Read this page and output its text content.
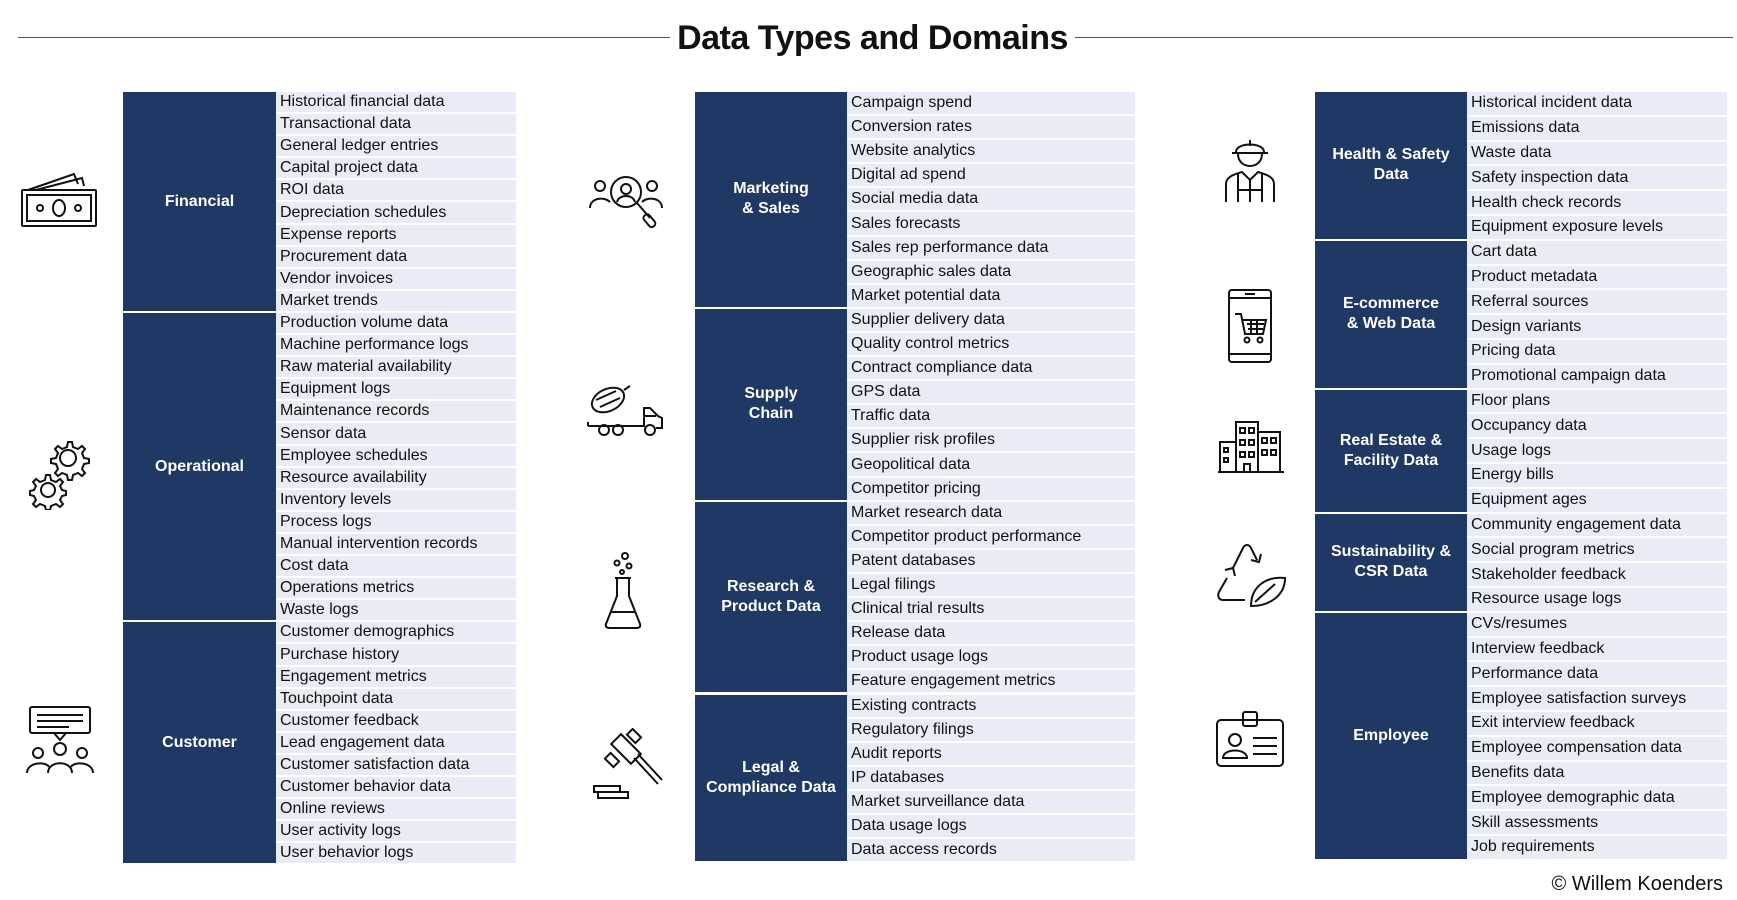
Data Types and Domains
Financial
Historical financial data
Transactional data
General ledger entries
Capital project data
ROI data
Depreciation schedules
Expense reports
Procurement data
Vendor invoices
Market trends
Operational
Production volume data
Machine performance logs
Raw material availability
Equipment logs
Maintenance records
Sensor data
Employee schedules
Resource availability
Inventory levels
Process logs
Manual intervention records
Cost data
Operations metrics
Waste logs
Customer
Customer demographics
Purchase history
Engagement metrics
Touchpoint data
Customer feedback
Lead engagement data
Customer satisfaction data
Customer behavior data
Online reviews
User activity logs
User behavior logs
Marketing
& Sales
Campaign spend
Conversion rates
Website analytics
Digital ad spend
Social media data
Sales forecasts
Sales rep performance data
Geographic sales data
Market potential data
Supply
Chain
Supplier delivery data
Quality control metrics
Contract compliance data
GPS data
Traffic data
Supplier risk profiles
Geopolitical data
Competitor pricing
Research &
Product Data
Market research data
Competitor product performance
Patent databases
Legal filings
Clinical trial results
Release data
Product usage logs
Feature engagement metrics
Legal &
Compliance Data
Existing contracts
Regulatory filings
Audit reports
IP databases
Market surveillance data
Data usage logs
Data access records
Health & Safety
Data
Historical incident data
Emissions data
Waste data
Safety inspection data
Health check records
Equipment exposure levels
E-commerce
& Web Data
Cart data
Product metadata
Referral sources
Design variants
Pricing data
Promotional campaign data
Real Estate &
Facility Data
Floor plans
Occupancy data
Usage logs
Energy bills
Equipment ages
Sustainability &
CSR Data
Community engagement data
Social program metrics
Stakeholder feedback
Resource usage logs
Employee
CVs/resumes
Interview feedback
Performance data
Employee satisfaction surveys
Exit interview feedback
Employee compensation data
Benefits data
Employee demographic data
Skill assessments
Job requirements
© Willem Koenders
